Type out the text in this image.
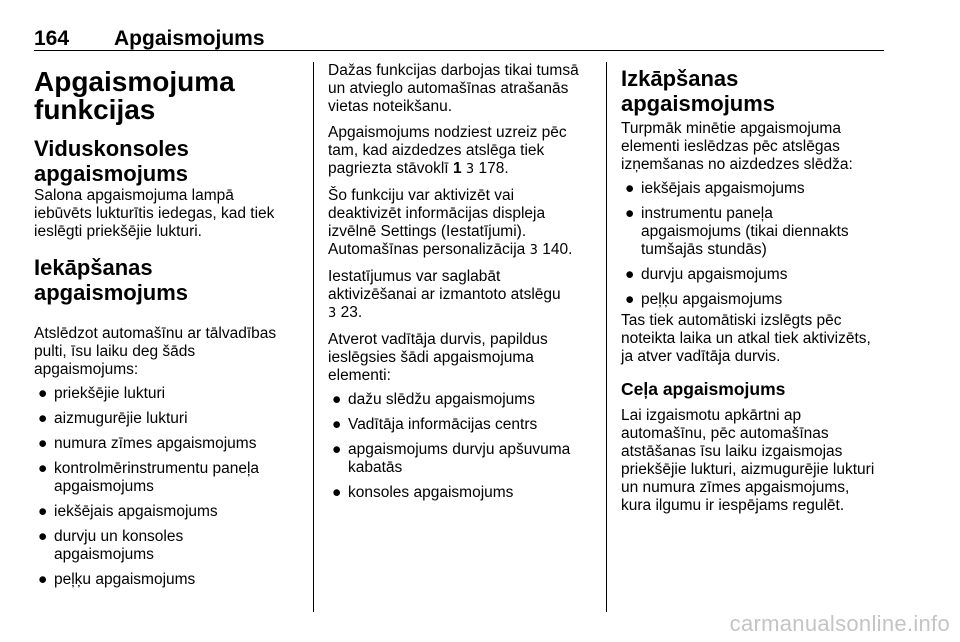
164 Apgaismojums
Apgaismojuma
funkcijas
Viduskonsoles
apgaismojums

Salona apgaismojuma lampā
iebūvēts lukturītis iedegas, kad tiek
ieslēgti priekšējie lukturi.

Iekāpšanas apgaismojums

Atslēdzot automašīnu ar tālvadības
pulti, īsu laiku deg šāds
apgaismojums:

● priekšējie lukturi
● aizmugurējie lukturi
● numura zīmes apgaismojums
● kontrolmērinstrumentu paneļa
apgaismojums
● iekšējais apgaismojums
● durvju un konsoles
apgaismojums
● peļķu apgaismojums

Dažas funkcijas darbojas tikai tumsā
un atvieglo automašīnas atrašanās
vietas noteikšanu.

Apgaismojums nodziest uzreiz pēc
tam, kad aizdedzes atslēga tiek
pagriezta stāvoklī 1 3 178.

Šo funkciju var aktivizēt vai
deaktivizēt informācijas displeja
izvēlnē Settings (Iestatījumi).
Automašīnas personalizācija 3 140.

Iestatījumus var saglabāt
aktivizēšanai ar izmantoto atslēgu
3 23.

Atverot vadītāja durvis, papildus
ieslēgsies šādi apgaismojuma
elementi:

● dažu slēdžu apgaismojums
● Vadītāja informācijas centrs
● apgaismojums durvju apšuvuma
kabatās
● konsoles apgaismojums
Izkāpšanas apgaismojums

Turpmāk minētie apgaismojuma
elementi ieslēdzas pēc atslēgas
izņemšanas no aizdedzes slēdža:

● iekšējais apgaismojums
● instrumentu paneļa
apgaismojums (tikai diennakts
tumšajās stundās)
● durvju apgaismojums
● peļķu apgaismojums

Tas tiek automātiski izslēgts pēc
noteikta laika un atkal tiek aktivizēts,
ja atver vadītāja durvis.

Ceļa apgaismojums

Lai izgaismotu apkārtni ap
automašīnu, pēc automašīnas
atstāšanas īsu laiku izgaismojas
priekšējie lukturi, aizmugurējie lukturi
un numura zīmes apgaismojums,
kura ilgumu ir iespējams regulēt.

carmanualsonline.info
